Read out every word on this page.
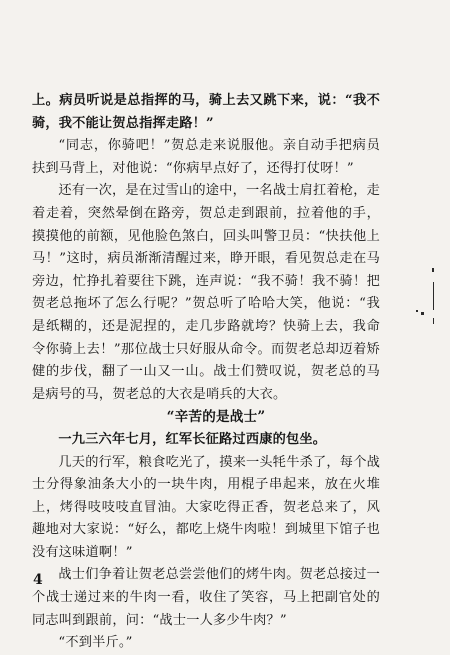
上。病员听说是总指挥的马，骑上去又跳下来，说：“我不骑，我不能让贺总指挥走路！”

“同志，你骑吧！”贺总走来说服他。亲自动手把病员扶到马背上，对他说：“你病早点好了，还得打仗呀！”

还有一次，是在过雪山的途中，一名战士肩扛着枪，走着走着，突然晕倒在路旁，贺总走到跟前，拉着他的手，摸摸他的前额，见他脸色煞白，回头叫警卫员：“快扶他上马！”这时，病员渐渐清醒过来，睁开眼，看见贺总走在马旁边，忙挣扎着要往下跳，连声说：“我不骑！我不骑！把贺老总拖坏了怎么行呢？”贺总听了哈哈大笑，他说：“我是纸糊的，还是泥捏的，走几步路就垮？快骑上去，我命令你骑上去！”那位战士只好服从命令。而贺老总却迈着矫健的步伐，翻了一山又一山。战士们赞叹说，贺老总的马是病号的马，贺老总的大衣是哨兵的大衣。

“辛苦的是战士”

一九三六年七月，红军长征路过西康的包坐。

几天的行军，粮食吃光了，摸来一头牦牛杀了，每个战士分得象油条大小的一块牛肉，用棍子串起来，放在火堆上，烤得吱吱吱直冒油。大家吃得正香，贺老总来了，风趣地对大家说：“好么，都吃上烧牛肉啦！到城里下馆子也没有这味道啊！”

战士们争着让贺老总尝尝他们的烤牛肉。贺老总接过一个战士递过来的牛肉一看，收住了笑容，马上把副官处的同志叫到跟前，问：“战士一人多少牛肉？”

“不到半斤。”

4
